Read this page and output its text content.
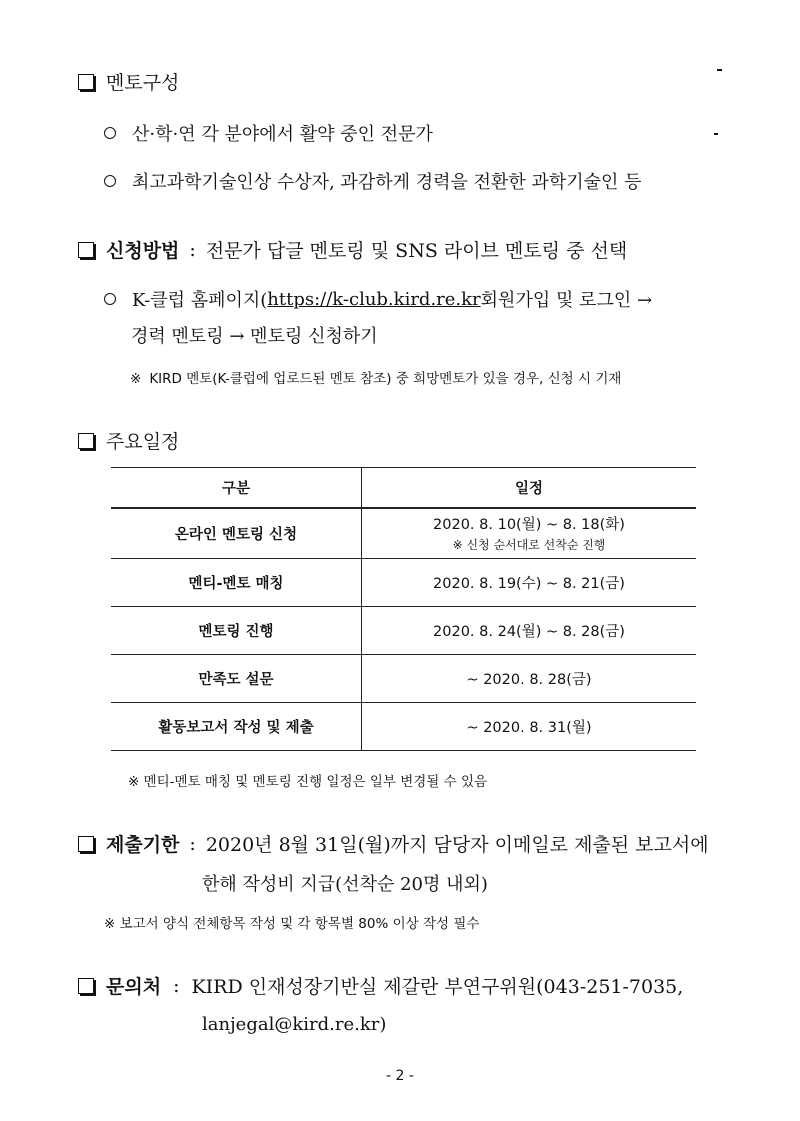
멘토구성
산·학·연 각 분야에서 활약 중인 전문가
최고과학기술인상 수상자, 과감하게 경력을 전환한 과학기술인 등
신청방법 : 전문가 답글 멘토링 및 SNS 라이브 멘토링 중 선택
K-클럽 홈페이지( https://k-club.kird.re.kr 회원가입 및 로그인 →
경력 멘토링 → 멘토링 신청하기
※ KIRD 멘토(K-클럽에 업로드된 멘토 참조) 중 희망멘토가 있을 경우, 신청 시 기재
주요일정
구분	일정
온라인 멘토링 신청	2020. 8. 10(월) ~ 8. 18(화)
※ 신청 순서대로 선착순 진행

멘티-멘토 매칭	2020. 8. 19(수) ~ 8. 21(금)
멘토링 진행	2020. 8. 24(월) ~ 8. 28(금)
만족도 설문	~ 2020. 8. 28(금)
활동보고서 작성 및 제출	~ 2020. 8. 31(월)
※ 멘티-멘토 매칭 및 멘토링 진행 일정은 일부 변경될 수 있음
제출기한 : 2020년 8월 31일(월)까지 담당자 이메일로 제출된 보고서에
한해 작성비 지급(선착순 20명 내외)
※ 보고서 양식 전체항목 작성 및 각 항목별 80% 이상 작성 필수
문의처 : KIRD 인재성장기반실 제갈란 부연구위원(043-251-7035,
lanjegal@kird.re.kr)
- 2 -
